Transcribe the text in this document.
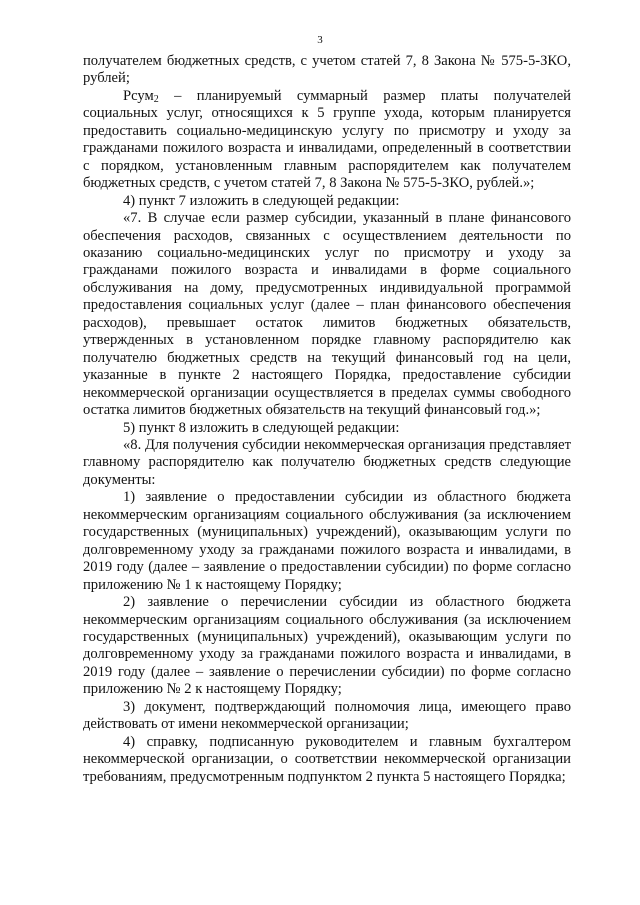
3

получателем бюджетных средств, с учетом статей 7, 8 Закона № 575-5-ЗКО, рублей;

Pсум$_2$ – планируемый суммарный размер платы получателей социальных услуг, относящихся к 5 группе ухода, которым планируется предоставить социально-медицинскую услугу по присмотру и уходу за гражданами пожилого возраста и инвалидами, определенный в соответствии с порядком, установленным главным распорядителем как получателем бюджетных средств, с учетом статей 7, 8 Закона № 575-5-ЗКО, рублей.»;

4) пункт 7 изложить в следующей редакции:

«7. В случае если размер субсидии, указанный в плане финансового обеспечения расходов, связанных с осуществлением деятельности по оказанию социально-медицинских услуг по присмотру и уходу за гражданами пожилого возраста и инвалидами в форме социального обслуживания на дому, предусмотренных индивидуальной программой предоставления социальных услуг (далее – план финансового обеспечения расходов), превышает остаток лимитов бюджетных обязательств, утвержденных в установленном порядке главному распорядителю как получателю бюджетных средств на текущий финансовый год на цели, указанные в пункте 2 настоящего Порядка, предоставление субсидии некоммерческой организации осуществляется в пределах суммы свободного остатка лимитов бюджетных обязательств на текущий финансовый год.»;

5) пункт 8 изложить в следующей редакции:

«8. Для получения субсидии некоммерческая организация представляет главному распорядителю как получателю бюджетных средств следующие документы:

1) заявление о предоставлении субсидии из областного бюджета некоммерческим организациям социального обслуживания (за исключением государственных (муниципальных) учреждений), оказывающим услуги по долговременному уходу за гражданами пожилого возраста и инвалидами, в 2019 году (далее – заявление о предоставлении субсидии) по форме согласно приложению № 1 к настоящему Порядку;

2) заявление о перечислении субсидии из областного бюджета некоммерческим организациям социального обслуживания (за исключением государственных (муниципальных) учреждений), оказывающим услуги по долговременному уходу за гражданами пожилого возраста и инвалидами, в 2019 году (далее – заявление о перечислении субсидии) по форме согласно приложению № 2 к настоящему Порядку;

3) документ, подтверждающий полномочия лица, имеющего право действовать от имени некоммерческой организации;

4) справку, подписанную руководителем и главным бухгалтером некоммерческой организации, о соответствии некоммерческой организации требованиям, предусмотренным подпунктом 2 пункта 5 настоящего Порядка;
